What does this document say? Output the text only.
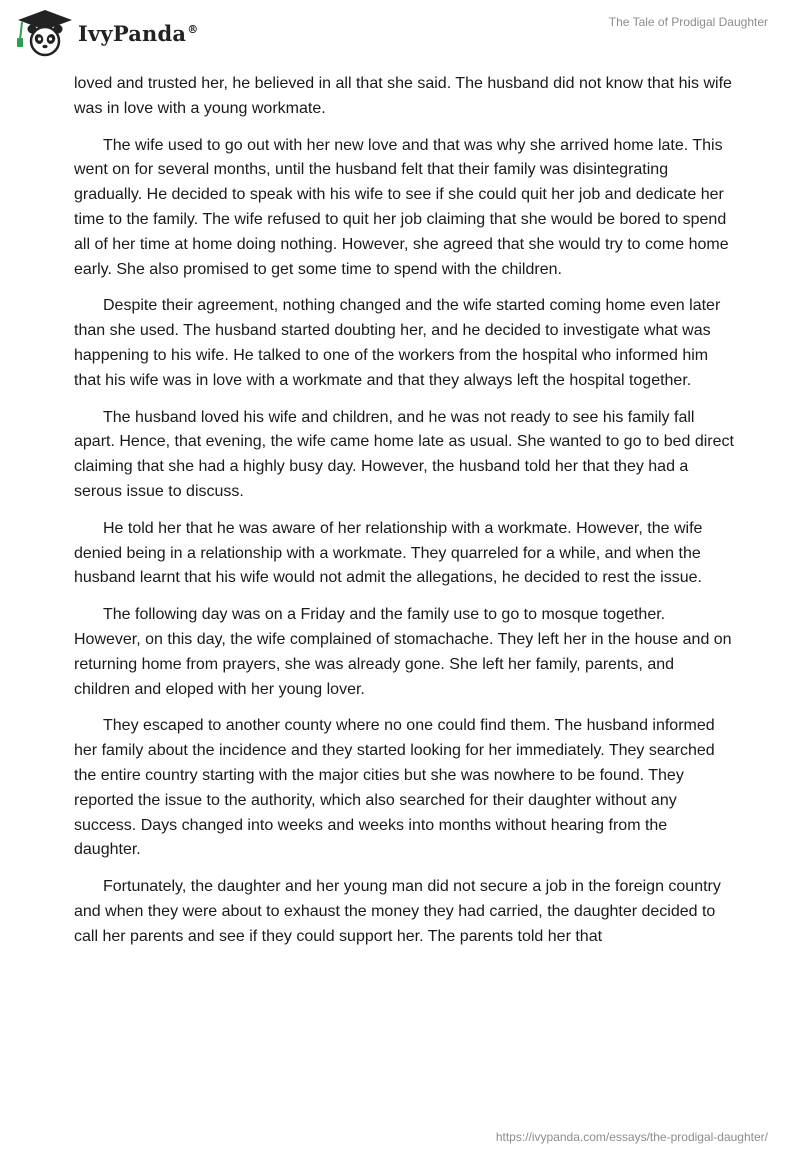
IvyPanda®	The Tale of Prodigal Daughter

loved and trusted her, he believed in all that she said. The husband did not know that his wife was in love with a young workmate.

The wife used to go out with her new love and that was why she arrived home late. This went on for several months, until the husband felt that their family was disintegrating gradually. He decided to speak with his wife to see if she could quit her job and dedicate her time to the family. The wife refused to quit her job claiming that she would be bored to spend all of her time at home doing nothing. However, she agreed that she would try to come home early. She also promised to get some time to spend with the children.

Despite their agreement, nothing changed and the wife started coming home even later than she used. The husband started doubting her, and he decided to investigate what was happening to his wife. He talked to one of the workers from the hospital who informed him that his wife was in love with a workmate and that they always left the hospital together.

The husband loved his wife and children, and he was not ready to see his family fall apart. Hence, that evening, the wife came home late as usual. She wanted to go to bed direct claiming that she had a highly busy day. However, the husband told her that they had a serous issue to discuss.

He told her that he was aware of her relationship with a workmate. However, the wife denied being in a relationship with a workmate. They quarreled for a while, and when the husband learnt that his wife would not admit the allegations, he decided to rest the issue.

The following day was on a Friday and the family use to go to mosque together. However, on this day, the wife complained of stomachache. They left her in the house and on returning home from prayers, she was already gone. She left her family, parents, and children and eloped with her young lover.

They escaped to another county where no one could find them. The husband informed her family about the incidence and they started looking for her immediately. They searched the entire country starting with the major cities but she was nowhere to be found. They reported the issue to the authority, which also searched for their daughter without any success. Days changed into weeks and weeks into months without hearing from the daughter.

Fortunately, the daughter and her young man did not secure a job in the foreign country and when they were about to exhaust the money they had carried, the daughter decided to call her parents and see if they could support her. The parents told her that

https://ivypanda.com/essays/the-prodigal-daughter/
